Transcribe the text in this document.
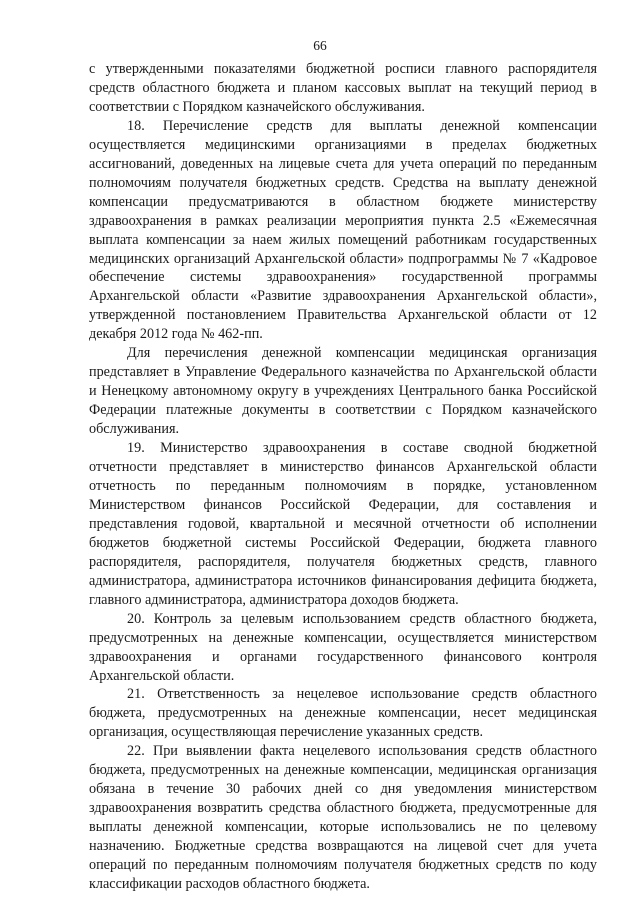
66

с утвержденными показателями бюджетной росписи главного распорядителя средств областного бюджета и планом кассовых выплат на текущий период в соответствии с Порядком казначейского обслуживания.

18. Перечисление средств для выплаты денежной компенсации осуществляется медицинскими организациями в пределах бюджетных ассигнований, доведенных на лицевые счета для учета операций по переданным полномочиям получателя бюджетных средств. Средства на выплату денежной компенсации предусматриваются в областном бюджете министерству здравоохранения в рамках реализации мероприятия пункта 2.5 «Ежемесячная выплата компенсации за наем жилых помещений работникам государственных медицинских организаций Архангельской области» подпрограммы № 7 «Кадровое обеспечение системы здравоохранения» государственной программы Архангельской области «Развитие здравоохранения Архангельской области», утвержденной постановлением Правительства Архангельской области от 12 декабря 2012 года № 462-пп.

Для перечисления денежной компенсации медицинская организация представляет в Управление Федерального казначейства по Архангельской области и Ненецкому автономному округу в учреждениях Центрального банка Российской Федерации платежные документы в соответствии с Порядком казначейского обслуживания.

19. Министерство здравоохранения в составе сводной бюджетной отчетности представляет в министерство финансов Архангельской области отчетность по переданным полномочиям в порядке, установленном Министерством финансов Российской Федерации, для составления и представления годовой, квартальной и месячной отчетности об исполнении бюджетов бюджетной системы Российской Федерации, бюджета главного распорядителя, распорядителя, получателя бюджетных средств, главного администратора, администратора источников финансирования дефицита бюджета, главного администратора, администратора доходов бюджета.

20. Контроль за целевым использованием средств областного бюджета, предусмотренных на денежные компенсации, осуществляется министерством здравоохранения и органами государственного финансового контроля Архангельской области.

21. Ответственность за нецелевое использование средств областного бюджета, предусмотренных на денежные компенсации, несет медицинская организация, осуществляющая перечисление указанных средств.

22. При выявлении факта нецелевого использования средств областного бюджета, предусмотренных на денежные компенсации, медицинская организация обязана в течение 30 рабочих дней со дня уведомления министерством здравоохранения возвратить средства областного бюджета, предусмотренные для выплаты денежной компенсации, которые использовались не по целевому назначению. Бюджетные средства возвращаются на лицевой счет для учета операций по переданным полномочиям получателя бюджетных средств по коду классификации расходов областного бюджета.
